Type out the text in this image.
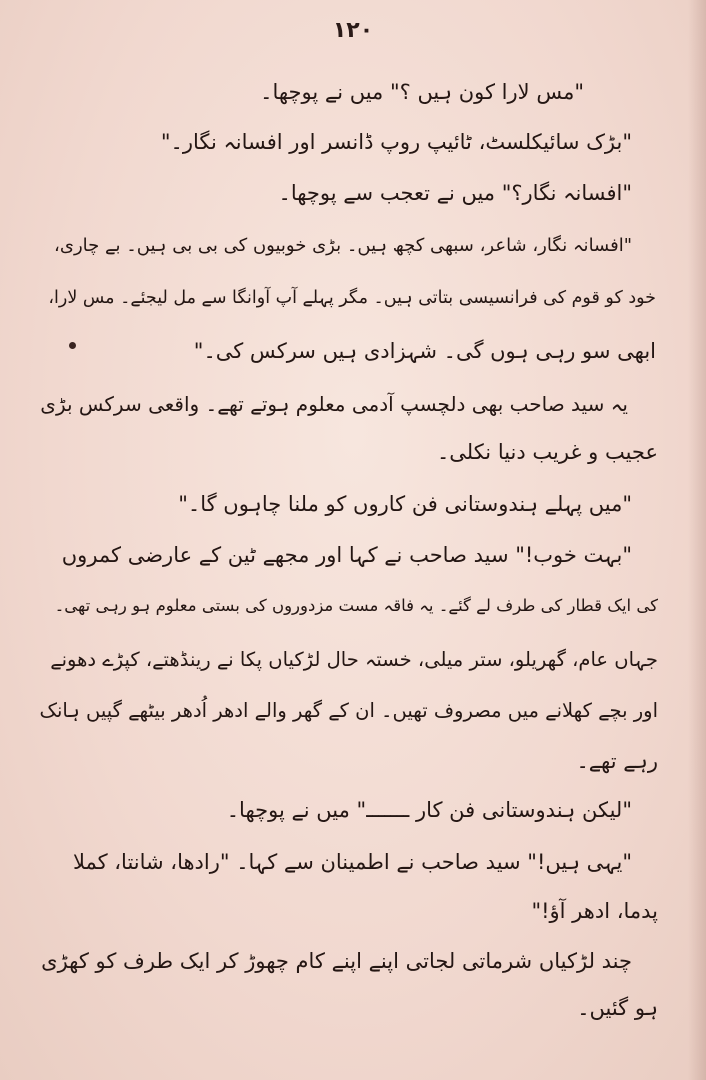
۱۲۰
"مس لارا کون ہیں ؟" میں نے پوچھا۔
"بڑک سائیکلسٹ، ٹائیپ روپ ڈانسر اور افسانہ نگار۔"
"افسانہ نگار؟" میں نے تعجب سے پوچھا۔
"افسانہ نگار، شاعر، سبھی کچھ ہیں۔ بڑی خوبیوں کی بی بی ہیں۔ بے چاری،
خود کو قوم کی فرانسیسی بتاتی ہیں۔ مگر پہلے آپ آوانگا سے مل لیجئے۔ مس لارا،
ابھی سو رہی ہوں گی۔ شہزادی ہیں سرکس کی۔"
یہ سید صاحب بھی دلچسپ آدمی معلوم ہوتے تھے۔ واقعی سرکس بڑی
عجیب و غریب دنیا نکلی۔
"میں پہلے ہندوستانی فن کاروں کو ملنا چاہوں گا۔"
"بہت خوب!" سید صاحب نے کہا اور مجھے ٹین کے عارضی کمروں
کی ایک قطار کی طرف لے گئے۔ یہ فاقہ مست مزدوروں کی بستی معلوم ہو رہی تھی۔
جہاں عام، گھریلو، ستر میلی، خستہ حال لڑکیاں پکا نے رینڈھتے، کپڑے دھونے
اور بچے کھلانے میں مصروف تھیں۔ ان کے گھر والے ادھر اُدھر بیٹھے گپیں ہانک
رہے تھے۔
"لیکن ہندوستانی فن کار ـــــــ" میں نے پوچھا۔
"یہی ہیں!" سید صاحب نے اطمینان سے کہا۔ "رادھا، شانتا، کملا
پدما، ادھر آؤ!"
چند لڑکیاں شرماتی لجاتی اپنے اپنے کام چھوڑ کر ایک طرف کو کھڑی
ہو گئیں۔
